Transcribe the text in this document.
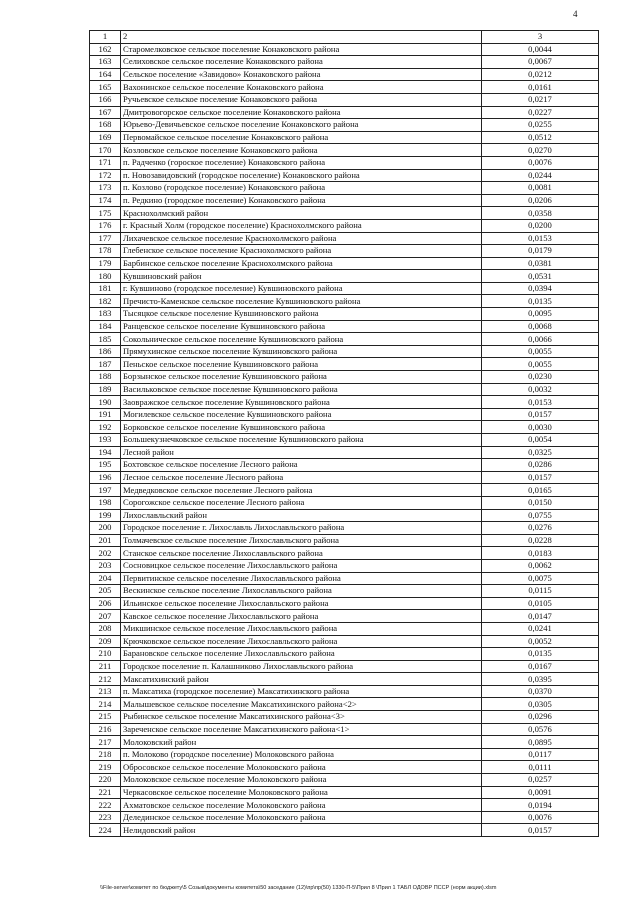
4
1	2	3
162	Старомелковское сельское поселение Конаковского района	0,0044
163	Селиховское сельское поселение Конаковского района	0,0067
164	Сельское поселение «Завидово» Конаковского района	0,0212
165	Вахонинское сельское поселение Конаковского района	0,0161
166	Ручьевское сельское поселение Конаковского района	0,0217
167	Дмитровогорское сельское поселение Конаковского района	0,0227
168	Юрьево-Девичьевское сельское поселение Конаковского района	0,0255
169	Первомайское сельское поселение Конаковского района	0,0512
170	Козловское сельское поселение Конаковского района	0,0270
171	п. Радченко (гороское поселение) Конаковского района	0,0076
172	п. Новозавидовский (городское поселение) Конаковского района	0,0244
173	п. Козлово (городское поселение) Конаковского района	0,0081
174	п. Редкино (городское поселение) Конаковского района	0,0206
175	Краснохолмский район	0,0358
176	г. Красный Холм (городское поселение) Краснохолмского района	0,0200
177	Лихачевское сельское поселение Краснохолмского района	0,0153
178	Глебенское сельское поселение Краснохолмского района	0,0179
179	Барбинское сельское поселение Краснохолмского района	0,0381
180	Кувшиновский район	0,0531
181	г. Кувшиново (городское поселение) Кувшиновского района	0,0394
182	Пречисто-Каменское сельское поселение Кувшиновского района	0,0135
183	Тысяцкое сельское поселение Кувшиновского района	0,0095
184	Ранцевское сельское поселение Кувшиновского района	0,0068
185	Сокольническое сельское поселение Кувшиновского района	0,0066
186	Прямухинское сельское поселение Кувшиновского района	0,0055
187	Пеньское сельское поселение Кувшиновского района	0,0055
188	Борзынское сельское поселение Кувшиновского района	0,0230
189	Васильковское сельское поселение Кувшиновского района	0,0032
190	Заовражское сельское поселение Кувшиновского района	0,0153
191	Могилевское сельское поселение Кувшиновского района	0,0157
192	Борковское сельское поселение Кувшиновского района	0,0030
193	Большекузнечковское сельское поселение Кувшиновского района	0,0054
194	Лесной район	0,0325
195	Бохтовское сельское поселение Лесного района	0,0286
196	Лесное сельское поселение Лесного района	0,0157
197	Медведковское сельское поселение Лесного района	0,0165
198	Сорогожское сельское поселение Лесного района	0,0150
199	Лихославльский район	0,0755
200	Городское поселение г. Лихославль Лихославльского района	0,0276
201	Толмачевское сельское поселение Лихославльского района	0,0228
202	Станское сельское поселение Лихославльского района	0,0183
203	Сосновицкое сельское поселение Лихославльского района	0,0062
204	Первитинское сельское поселение Лихославльского района	0,0075
205	Вескинское сельское поселение Лихославльского района	0,0115
206	Ильинское сельское поселение Лихославльского района	0,0105
207	Кавское сельское поселение Лихославльского района	0,0147
208	Микшинское сельское поселение Лихославльского района	0,0241
209	Крючковское сельское поселение Лихославльского района	0,0052
210	Барановское сельское поселение Лихославльского района	0,0135
211	Городское поселение п. Калашниково Лихославльского района	0,0167
212	Максатихинский район	0,0395
213	п. Максатиха (городское поселение) Максатихинского района	0,0370
214	Малышевское сельское поселение Максатихинского района<2>	0,0305
215	Рыбинское сельское поселение Максатихинского района<3>	0,0296
216	Зареченское сельское поселение Максатихинского района<1>	0,0576
217	Молоковский район	0,0895
218	п. Молоково (городское поселение) Молоковского района	0,0117
219	Обросовское сельское поселение Молоковского района	0,0111
220	Молоковское сельское поселение Молоковского района	0,0257
221	Черкасовское сельское поселение Молоковского района	0,0091
222	Ахматовское сельское поселение Молоковского района	0,0194
223	Делединское сельское поселение Молоковского района	0,0076
224	Нелидовский район	0,0157
\\File-server\комитет по бюджету\5 Созыв\документы комитета\50 заседание (12)\пр\пр(50) 1330-П-5\Прил 8 \Прил 1 ТАБЛ ОДОВР ПССР (норм акции).xlsm
